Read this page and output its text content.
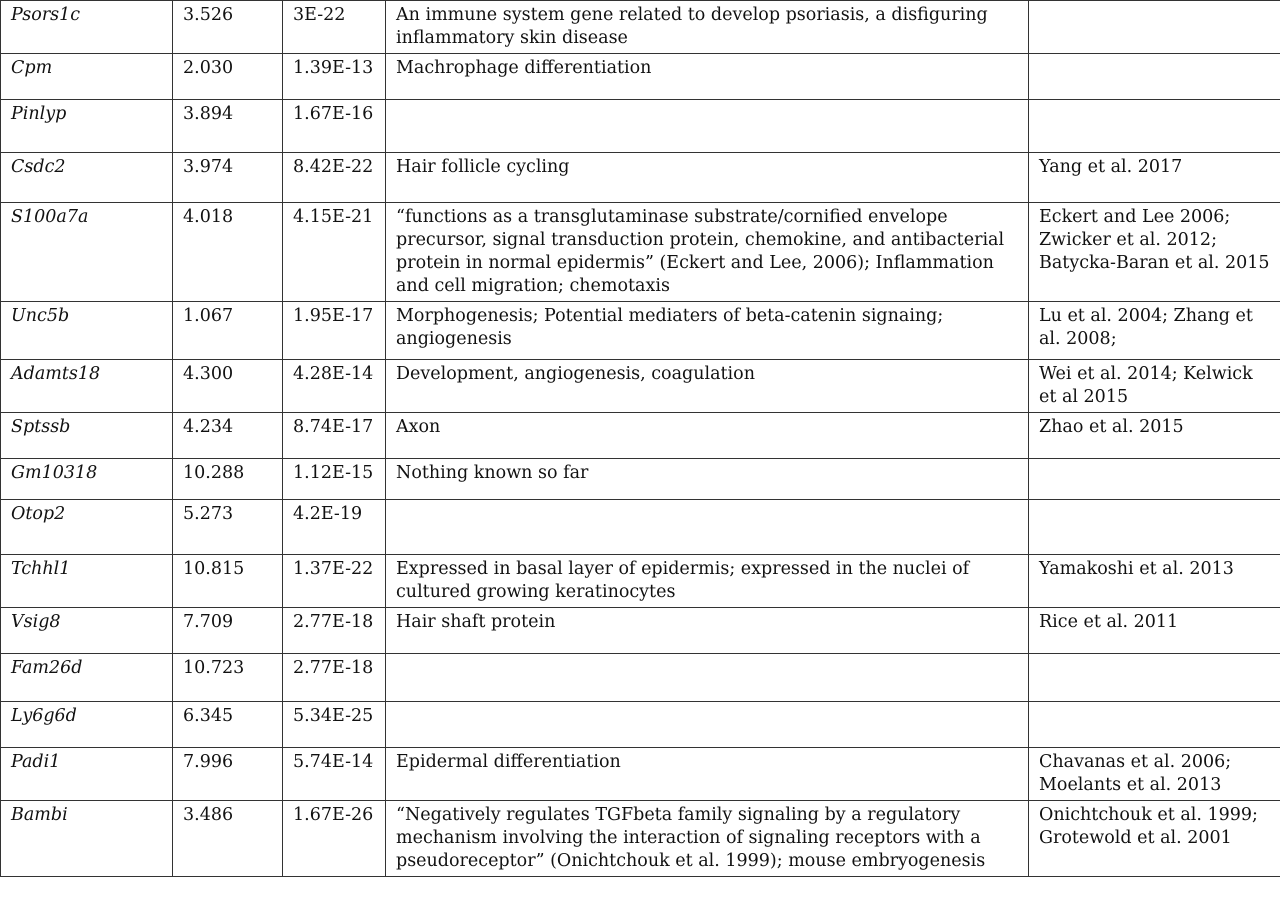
Psors1c	3.526	3E-22	An immune system gene related to develop psoriasis, a disfiguring inflammatory skin disease	
Cpm	2.030	1.39E-13	Machrophage differentiation	
Pinlyp	3.894	1.67E-16		
Csdc2	3.974	8.42E-22	Hair follicle cycling	Yang et al. 2017
S100a7a	4.018	4.15E-21	“functions as a transglutaminase substrate/cornified envelope precursor, signal transduction protein, chemokine, and antibacterial protein in normal epidermis” (Eckert and Lee, 2006); Inflammation and cell migration; chemotaxis	Eckert and Lee 2006; Zwicker et al. 2012; Batycka-Baran et al. 2015
Unc5b	1.067	1.95E-17	Morphogenesis; Potential mediaters of beta-catenin signaing; angiogenesis	Lu et al. 2004; Zhang et al. 2008;
Adamts18	4.300	4.28E-14	Development, angiogenesis, coagulation	Wei et al. 2014; Kelwick et al 2015
Sptssb	4.234	8.74E-17	Axon	Zhao et al. 2015
Gm10318	10.288	1.12E-15	Nothing known so far	
Otop2	5.273	4.2E-19		
Tchhl1	10.815	1.37E-22	Expressed in basal layer of epidermis; expressed in the nuclei of cultured growing keratinocytes	Yamakoshi et al. 2013
Vsig8	7.709	2.77E-18	Hair shaft protein	Rice et al. 2011
Fam26d	10.723	2.77E-18		
Ly6g6d	6.345	5.34E-25		
Padi1	7.996	5.74E-14	Epidermal differentiation	Chavanas et al. 2006; Moelants et al. 2013
Bambi	3.486	1.67E-26	“Negatively regulates TGFbeta family signaling by a regulatory mechanism involving the interaction of signaling receptors with a pseudoreceptor” (Onichtchouk et al. 1999); mouse embryogenesis	Onichtchouk et al. 1999; Grotewold et al. 2001
